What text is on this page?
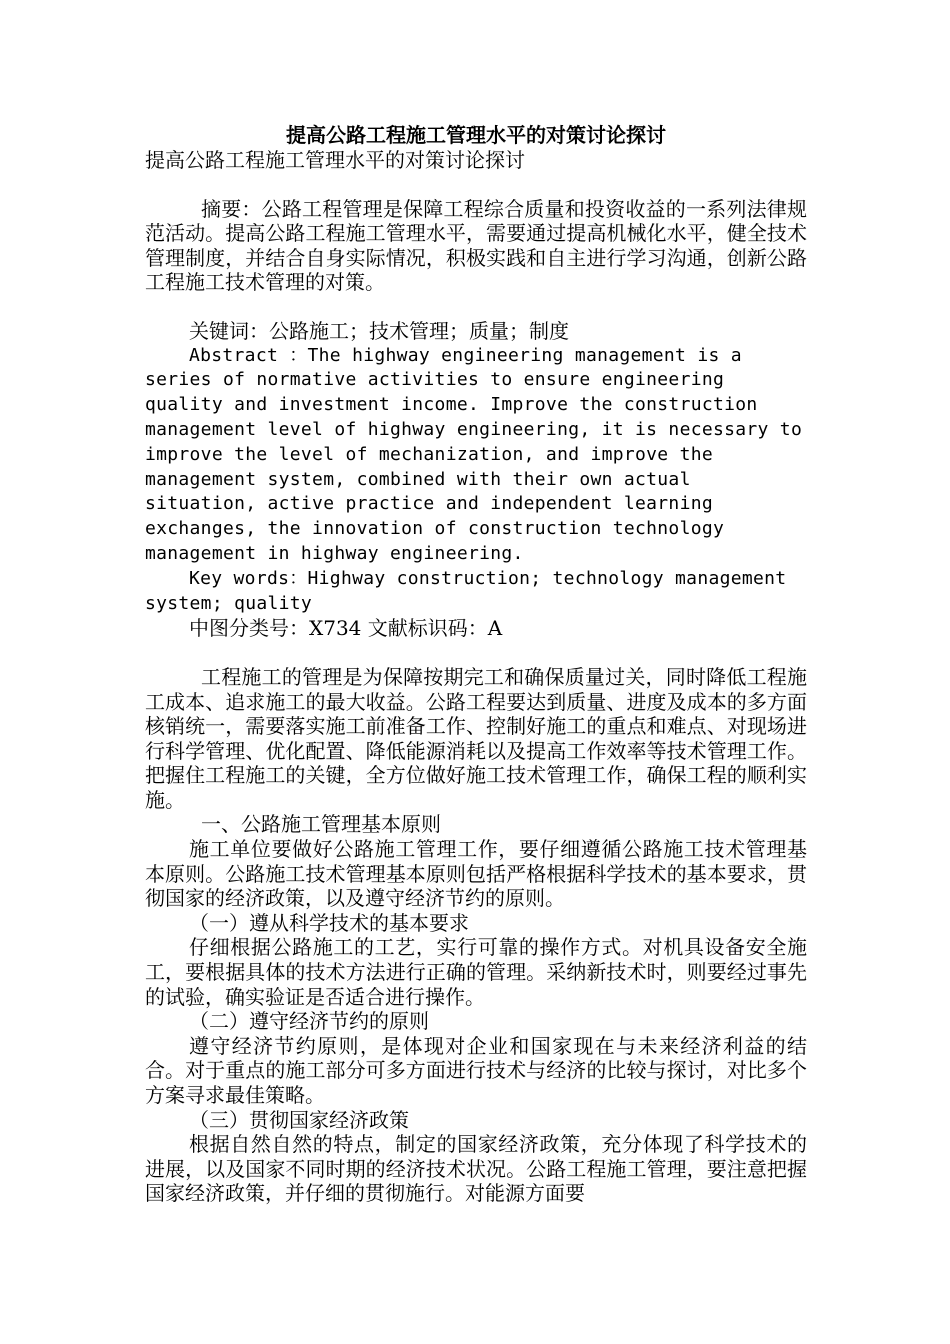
提高公路工程施工管理水平的对策讨论探讨
提高公路工程施工管理水平的对策讨论探讨
摘要：公路工程管理是保障工程综合质量和投资收益的一系列法律规范活动。提高公路工程施工管理水平，需要通过提高机械化水平，健全技术管理制度，并结合自身实际情况，积极实践和自主进行学习沟通，创新公路工程施工技术管理的对策。
关键词：公路施工；技术管理；质量；制度
Abstract ：The highway engineering management is a series of normative activities to ensure engineering quality and investment income. Improve the construction management level of highway engineering, it is necessary to improve the level of mechanization, and improve the management system, combined with their own actual situation, active practice and independent learning exchanges, the innovation of construction technology management in highway engineering.
Key words：Highway construction; technology management system; quality
中图分类号：X734 文献标识码：A
工程施工的管理是为保障按期完工和确保质量过关，同时降低工程施工成本、追求施工的最大收益。公路工程要达到质量、进度及成本的多方面核销统一，需要落实施工前准备工作、控制好施工的重点和难点、对现场进行科学管理、优化配置、降低能源消耗以及提高工作效率等技术管理工作。把握住工程施工的关键，全方位做好施工技术管理工作，确保工程的顺利实施。
一、公路施工管理基本原则
施工单位要做好公路施工管理工作，要仔细遵循公路施工技术管理基本原则。公路施工技术管理基本原则包括严格根据科学技术的基本要求，贯彻国家的经济政策，以及遵守经济节约的原则。
（一）遵从科学技术的基本要求
仔细根据公路施工的工艺，实行可靠的操作方式。对机具设备安全施工，要根据具体的技术方法进行正确的管理。采纳新技术时，则要经过事先的试验，确实验证是否适合进行操作。
（二）遵守经济节约的原则
遵守经济节约原则，是体现对企业和国家现在与未来经济利益的结合。对于重点的施工部分可多方面进行技术与经济的比较与探讨，对比多个方案寻求最佳策略。
（三）贯彻国家经济政策
根据自然自然的特点，制定的国家经济政策，充分体现了科学技术的进展，以及国家不同时期的经济技术状况。公路工程施工管理，要注意把握国家经济政策，并仔细的贯彻施行。对能源方面要
